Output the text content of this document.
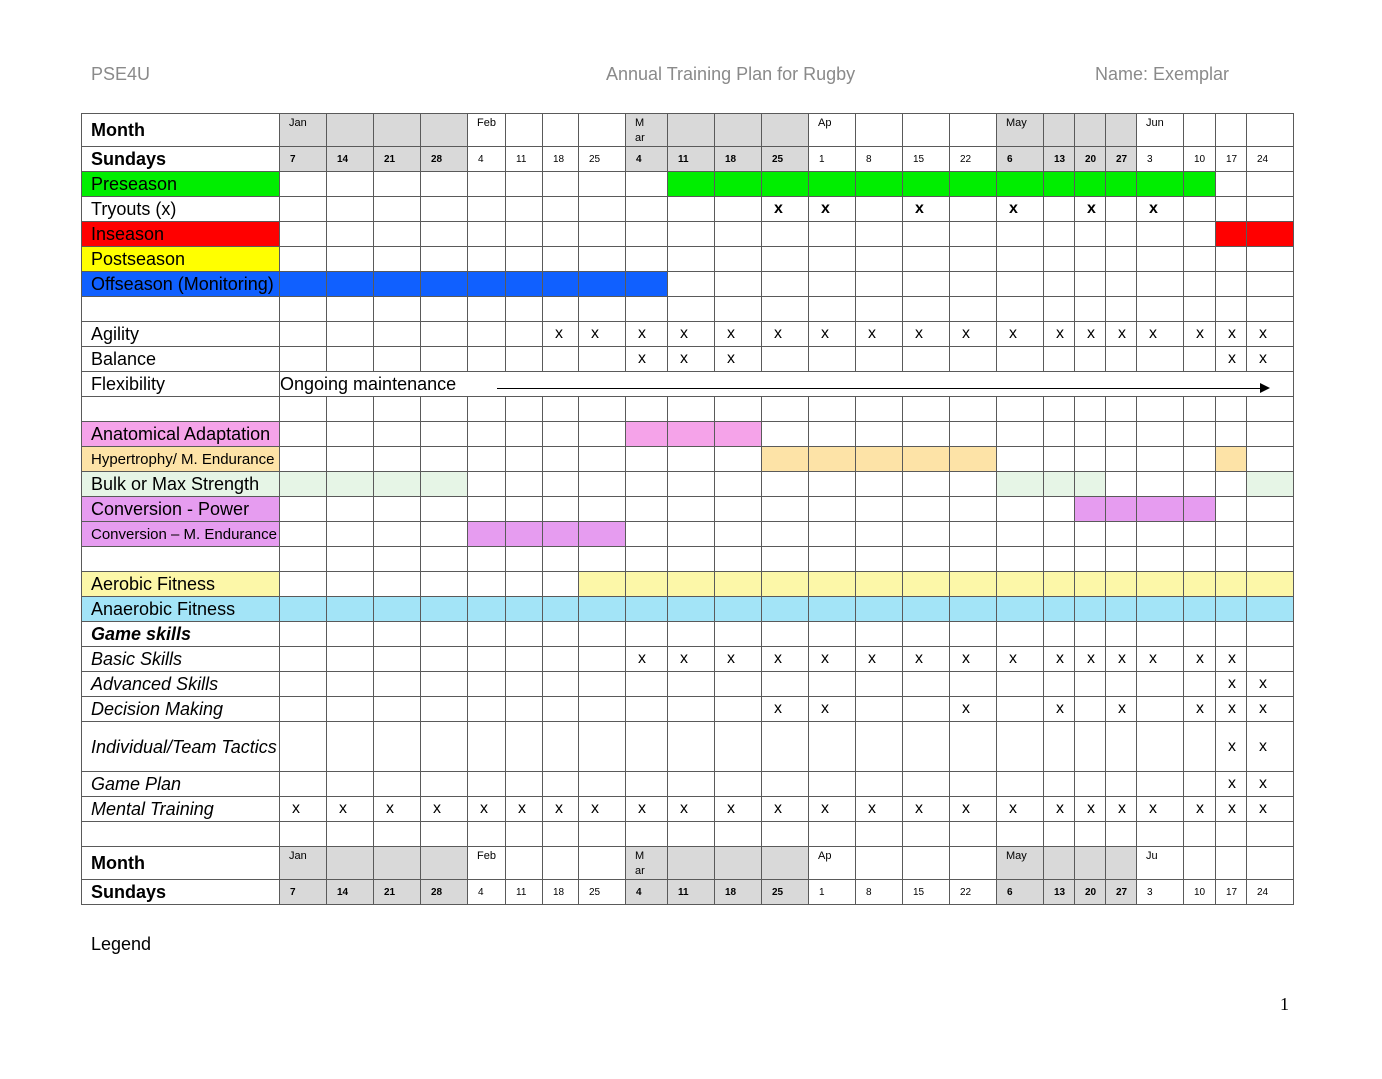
PSE4U	Annual Training Plan for Rugby	Name: Exemplar
Month	Jan				Feb				M ar				Ap				May				Jun			
Sundays	7	14	21	28	4	11	18	25	4	11	18	25	1	8	15	22	6	13	20	27	3	10	17	24
Preseason																								
Tryouts (x)												x	x		x		x		x		x			
Inseason																								
Postseason																								
Offseason (Monitoring)																								

Agility							x	x	x	x	x	x	x	x	x	x	x	x	x	x	x	x	x	x
Balance									x	x	x												x	x
Flexibility	Ongoing maintenance																							

Anatomical Adaptation																								
Hypertrophy/ M. Endurance																								
Bulk or Max Strength																								
Conversion - Power																								
Conversion – M. Endurance																								

Aerobic Fitness																								
Anaerobic Fitness																								
Game skills																								
Basic Skills									x	x	x	x	x	x	x	x	x	x	x	x	x	x	x	
Advanced Skills																							x	x
Decision Making												x	x			x		x		x		x	x	x
Individual/Team Tactics																							x	x
Game Plan																							x	x
Mental Training	x	x	x	x	x	x	x	x	x	x	x	x	x	x	x	x	x	x	x	x	x	x	x	x

Month	Jan				Feb				M ar				Ap				May				Ju			
Sundays	7	14	21	28	4	11	18	25	4	11	18	25	1	8	15	22	6	13	20	27	3	10	17	24
Legend
1
